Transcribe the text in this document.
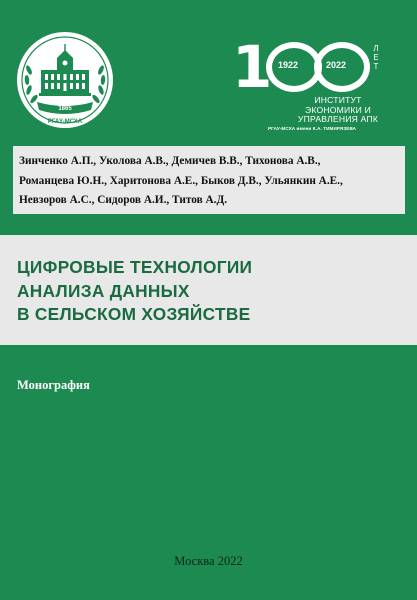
1865
РГАУ-МСХА
1 1922	2022
Л
Е
Т
ИНСТИТУТ
ЭКОНОМИКИ И
УПРАВЛЕНИЯ АПК
РГАУ-МСХА имени К.А. ТИМИРЯЗЕВА
Зинченко А.П., Уколова А.В., Демичев В.В., Тихонова А.В.,
Романцева Ю.Н., Харитонова А.Е., Быков Д.В., Ульянкин А.Е.,
Невзоров А.С., Сидоров А.И., Титов А.Д.
ЦИФРОВЫЕ ТЕХНОЛОГИИ
АНАЛИЗА ДАННЫХ
В СЕЛЬСКОМ ХОЗЯЙСТВЕ
Монография
Москва 2022
